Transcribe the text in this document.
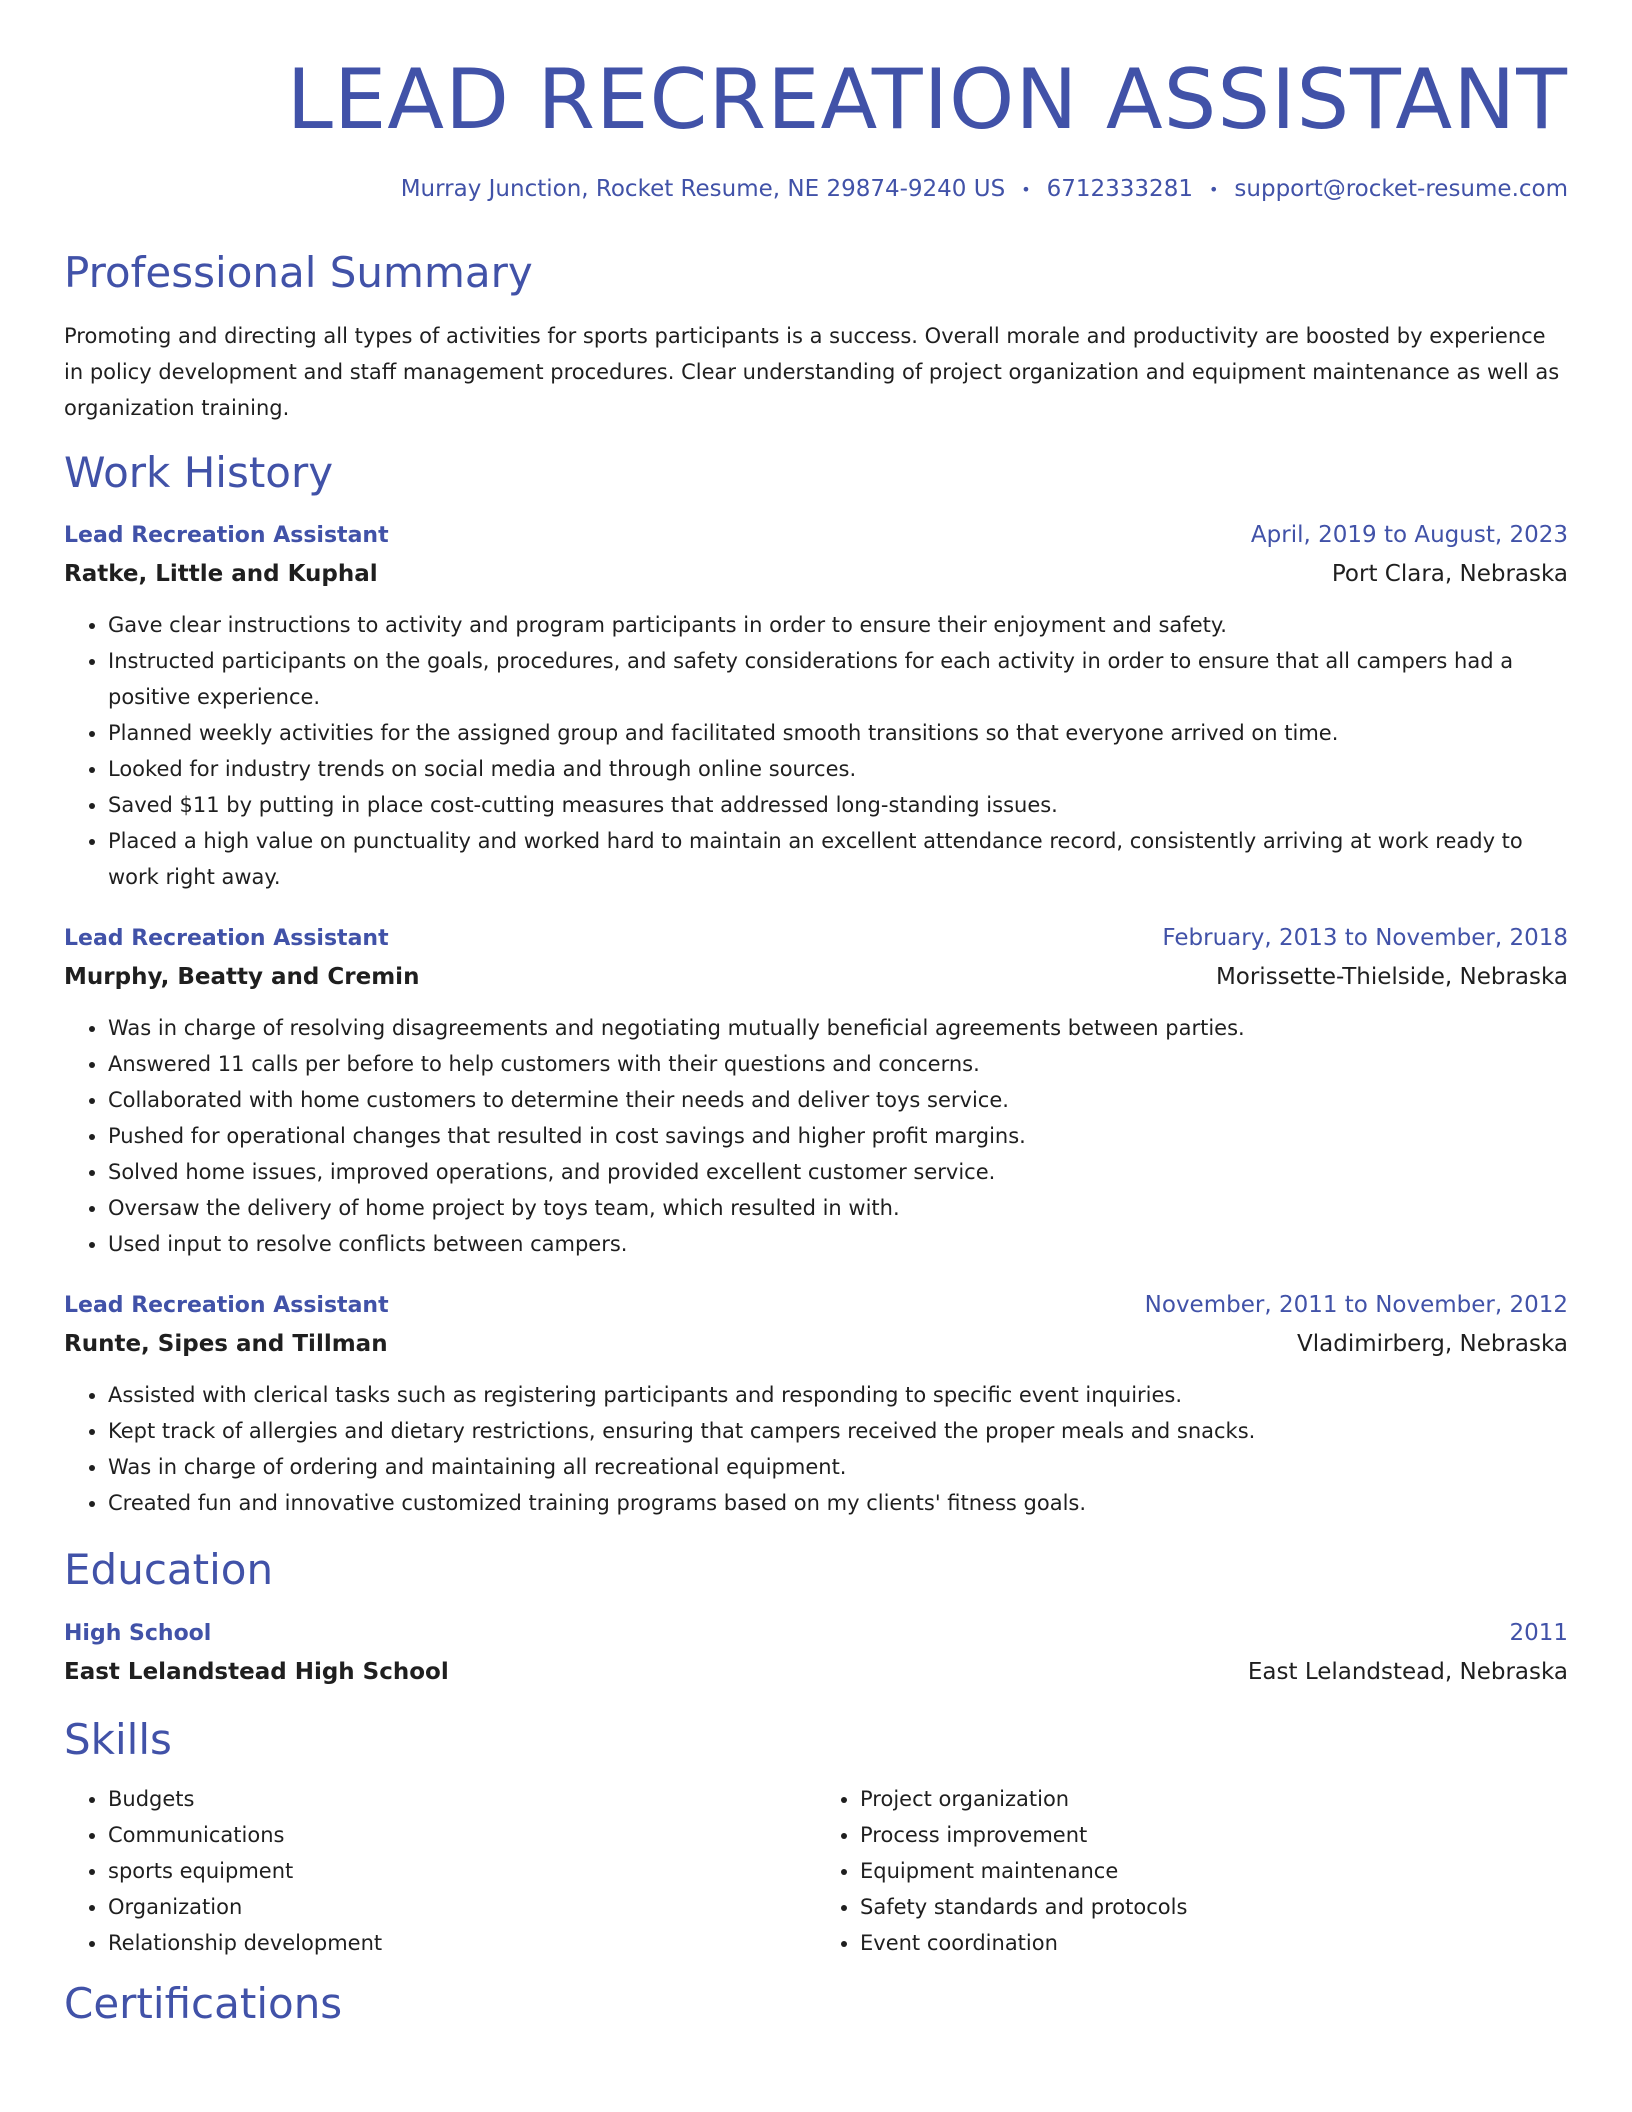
LEAD RECREATION ASSISTANT
Murray Junction, Rocket Resume, NE 29874-9240 US • 6712333281 • support@rocket-resume.com
Professional Summary
Promoting and directing all types of activities for sports participants is a success. Overall morale and productivity are boosted by experience in policy development and staff management procedures. Clear understanding of project organization and equipment maintenance as well as organization training.
Work History
Lead Recreation Assistant	April, 2019 to August, 2023
Ratke, Little and Kuphal	Port Clara, Nebraska
• Gave clear instructions to activity and program participants in order to ensure their enjoyment and safety.
• Instructed participants on the goals, procedures, and safety considerations for each activity in order to ensure that all campers had a positive experience.
• Planned weekly activities for the assigned group and facilitated smooth transitions so that everyone arrived on time.
• Looked for industry trends on social media and through online sources.
• Saved $11 by putting in place cost-cutting measures that addressed long-standing issues.
• Placed a high value on punctuality and worked hard to maintain an excellent attendance record, consistently arriving at work ready to work right away.
Lead Recreation Assistant	February, 2013 to November, 2018
Murphy, Beatty and Cremin	Morissette-Thielside, Nebraska
• Was in charge of resolving disagreements and negotiating mutually beneficial agreements between parties.
• Answered 11 calls per before to help customers with their questions and concerns.
• Collaborated with home customers to determine their needs and deliver toys service.
• Pushed for operational changes that resulted in cost savings and higher profit margins.
• Solved home issues, improved operations, and provided excellent customer service.
• Oversaw the delivery of home project by toys team, which resulted in with.
• Used input to resolve conflicts between campers.
Lead Recreation Assistant	November, 2011 to November, 2012
Runte, Sipes and Tillman	Vladimirberg, Nebraska
• Assisted with clerical tasks such as registering participants and responding to specific event inquiries.
• Kept track of allergies and dietary restrictions, ensuring that campers received the proper meals and snacks.
• Was in charge of ordering and maintaining all recreational equipment.
• Created fun and innovative customized training programs based on my clients' fitness goals.
Education
High School	2011
East Lelandstead High School	East Lelandstead, Nebraska
Skills
• Budgets
• Communications
• sports equipment
• Organization
• Relationship development
• Project organization
• Process improvement
• Equipment maintenance
• Safety standards and protocols
• Event coordination
Certifications
